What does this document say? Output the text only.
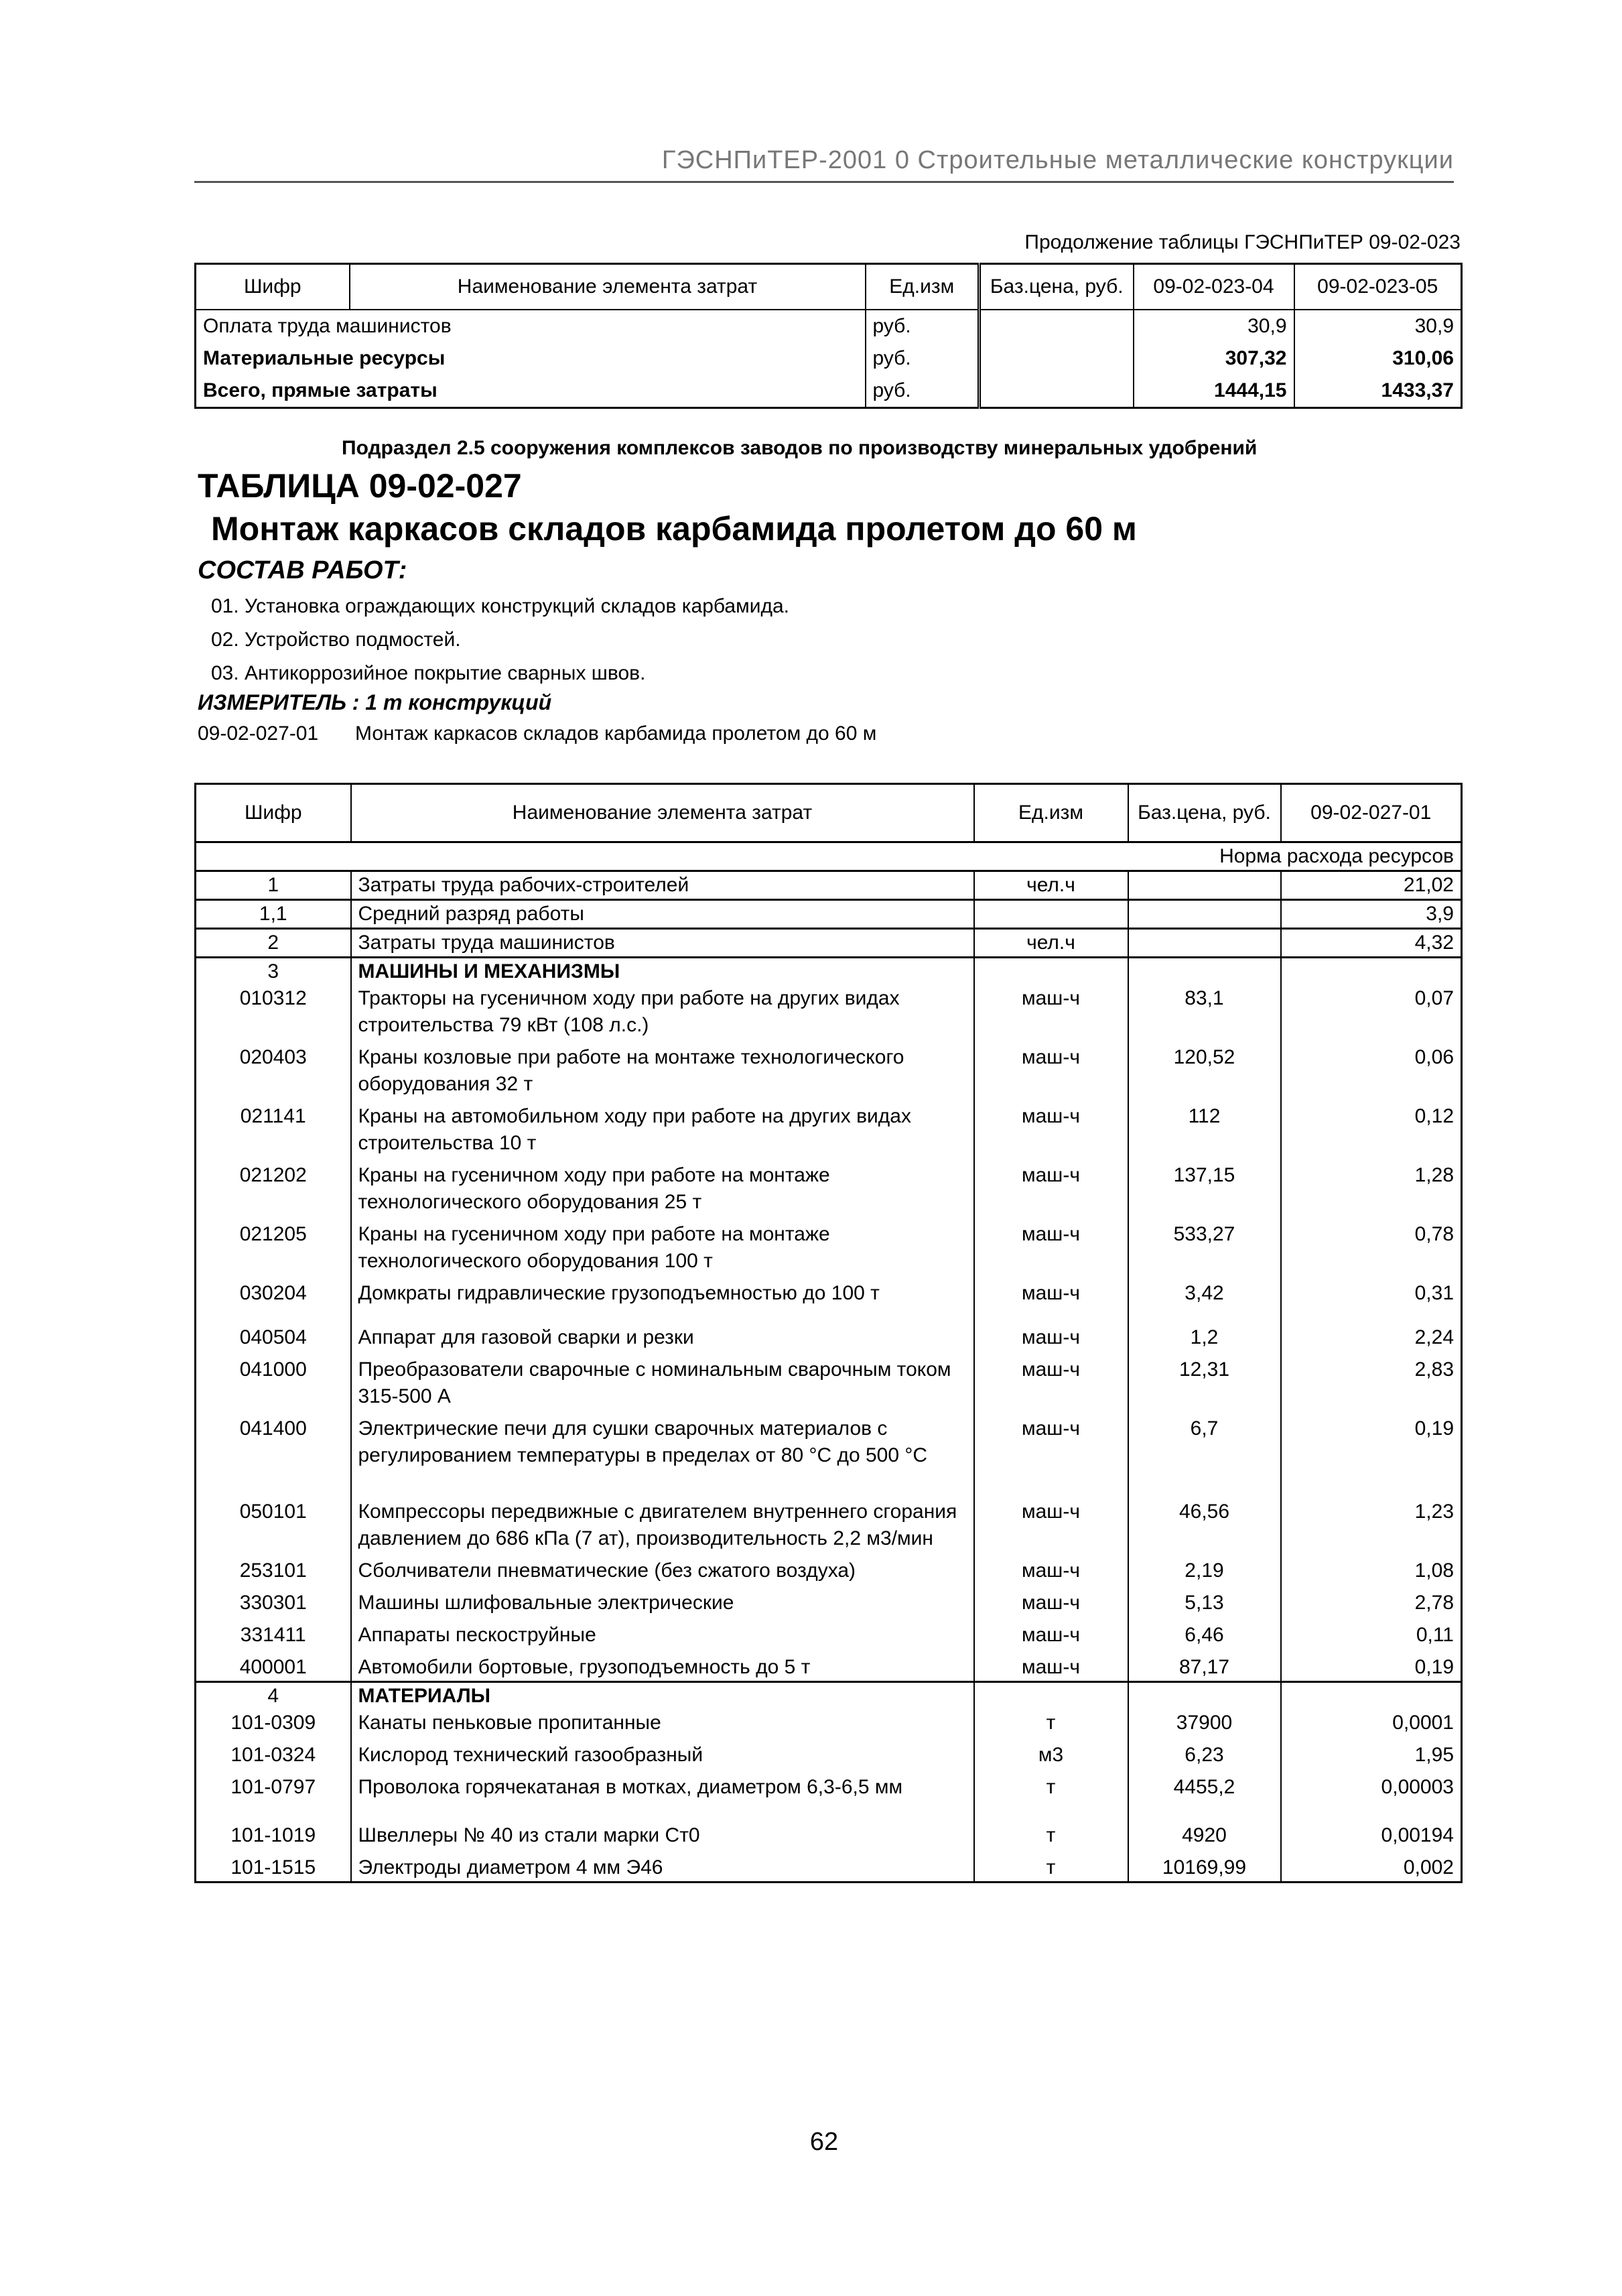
ГЭСНПиТЕР-2001 0 Строительные металлические конструкции
Продолжение таблицы ГЭСНПиТЕР 09-02-023
Шифр	Наименование элемента затрат	Ед.изм	Баз.цена, руб.	09-02-023-04	09-02-023-05
Оплата труда машинистов		руб.		30,9	30,9
Материальные ресурсы		руб.		307,32	310,06
Всего, прямые затраты		руб.		1444,15	1433,37
Подраздел 2.5 сооружения комплексов заводов по производству минеральных удобрений
ТАБЛИЦА 09-02-027
Монтаж каркасов складов карбамида пролетом до 60 м
СОСТАВ РАБОТ:
01. Установка ограждающих конструкций складов карбамида.
02. Устройство подмостей.
03. Антикоррозийное покрытие сварных швов.
ИЗМЕРИТЕЛЬ : 1 т конструкций
09-02-027-01 Монтаж каркасов складов карбамида пролетом до 60 м
Шифр	Наименование элемента затрат	Ед.изм	Баз.цена, руб.	09-02-027-01
Норма расхода ресурсов				
1	Затраты труда рабочих-строителей	чел.ч		21,02
1,1	Средний разряд работы			3,9
2	Затраты труда машинистов	чел.ч		4,32
3	МАШИНЫ И МЕХАНИЗМЫ			
010312	Тракторы на гусеничном ходу при работе на других видах строительства 79 кВт (108 л.с.)	маш-ч	83,1	0,07
020403	Краны козловые при работе на монтаже технологического оборудования 32 т	маш-ч	120,52	0,06
021141	Краны на автомобильном ходу при работе на других видах строительства 10 т	маш-ч	112	0,12
021202	Краны на гусеничном ходу при работе на монтаже технологического оборудования 25 т	маш-ч	137,15	1,28
021205	Краны на гусеничном ходу при работе на монтаже технологического оборудования 100 т	маш-ч	533,27	0,78
030204	Домкраты гидравлические грузоподъемностью до 100 т	маш-ч	3,42	0,31
040504	Аппарат для газовой сварки и резки	маш-ч	1,2	2,24
041000	Преобразователи сварочные с номинальным сварочным током 315-500 А	маш-ч	12,31	2,83
041400	Электрические печи для сушки сварочных материалов с регулированием температуры в пределах от 80 °С до 500 °С	маш-ч	6,7	0,19
050101	Компрессоры передвижные с двигателем внутреннего сгорания давлением до 686 кПа (7 ат), производительность 2,2 м3/мин	маш-ч	46,56	1,23
253101	Сболчиватели пневматические (без сжатого воздуха)	маш-ч	2,19	1,08
330301	Машины шлифовальные электрические	маш-ч	5,13	2,78
331411	Аппараты пескоструйные	маш-ч	6,46	0,11
400001	Автомобили бортовые, грузоподъемность до 5 т	маш-ч	87,17	0,19
4	МАТЕРИАЛЫ			
101-0309	Канаты пеньковые пропитанные	т	37900	0,0001
101-0324	Кислород технический газообразный	м3	6,23	1,95
101-0797	Проволока горячекатаная в мотках, диаметром 6,3-6,5 мм	т	4455,2	0,00003
101-1019	Швеллеры № 40 из стали марки Ст0	т	4920	0,00194
101-1515	Электроды диаметром 4 мм Э46	т	10169,99	0,002
62
